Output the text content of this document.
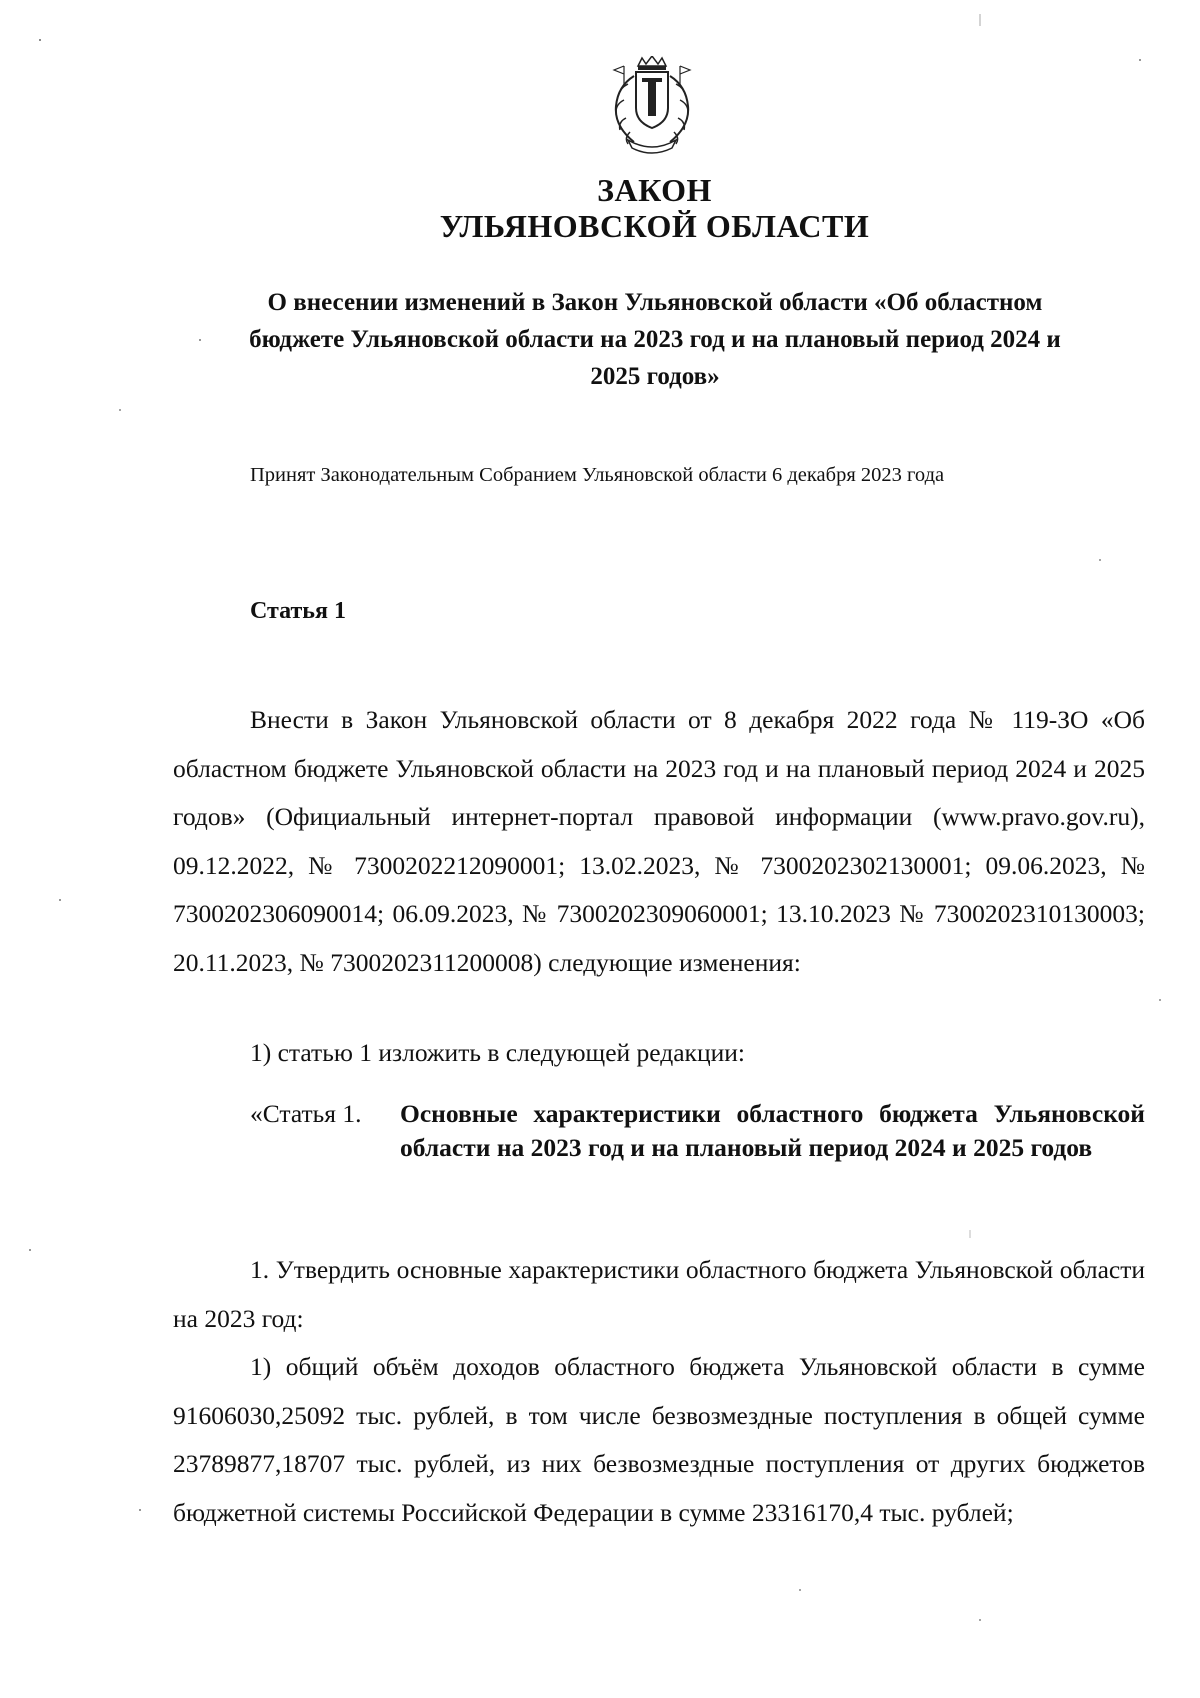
ЗАКОН
УЛЬЯНОВСКОЙ ОБЛАСТИ
О внесении изменений в Закон Ульяновской области «Об областном бюджете Ульяновской области на 2023 год и на плановый период 2024 и 2025 годов»
Принят Законодательным Собранием Ульяновской области 6 декабря 2023 года
Статья 1

Внести в Закон Ульяновской области от 8 декабря 2022 года № 119-ЗО «Об областном бюджете Ульяновской области на 2023 год и на плановый период 2024 и 2025 годов» (Официальный интернет-портал правовой информации (www.pravo.gov.ru), 09.12.2022, № 7300202212090001; 13.02.2023, № 7300202302130001; 09.06.2023, № 7300202306090014; 06.09.2023, № 7300202309060001; 13.10.2023 № 7300202310130003; 20.11.2023, № 7300202311200008) следующие изменения:

1) статью 1 изложить в следующей редакции:
«Статья 1.	Основные характеристики областного бюджета Ульяновской области на 2023 год и на плановый период 2024 и 2025 годов

1. Утвердить основные характеристики областного бюджета Ульяновской области на 2023 год:

1) общий объём доходов областного бюджета Ульяновской области в сумме 91606030,25092 тыс. рублей, в том числе безвозмездные поступления в общей сумме 23789877,18707 тыс. рублей, из них безвозмездные поступления от других бюджетов бюджетной системы Российской Федерации в сумме 23316170,4 тыс. рублей;
